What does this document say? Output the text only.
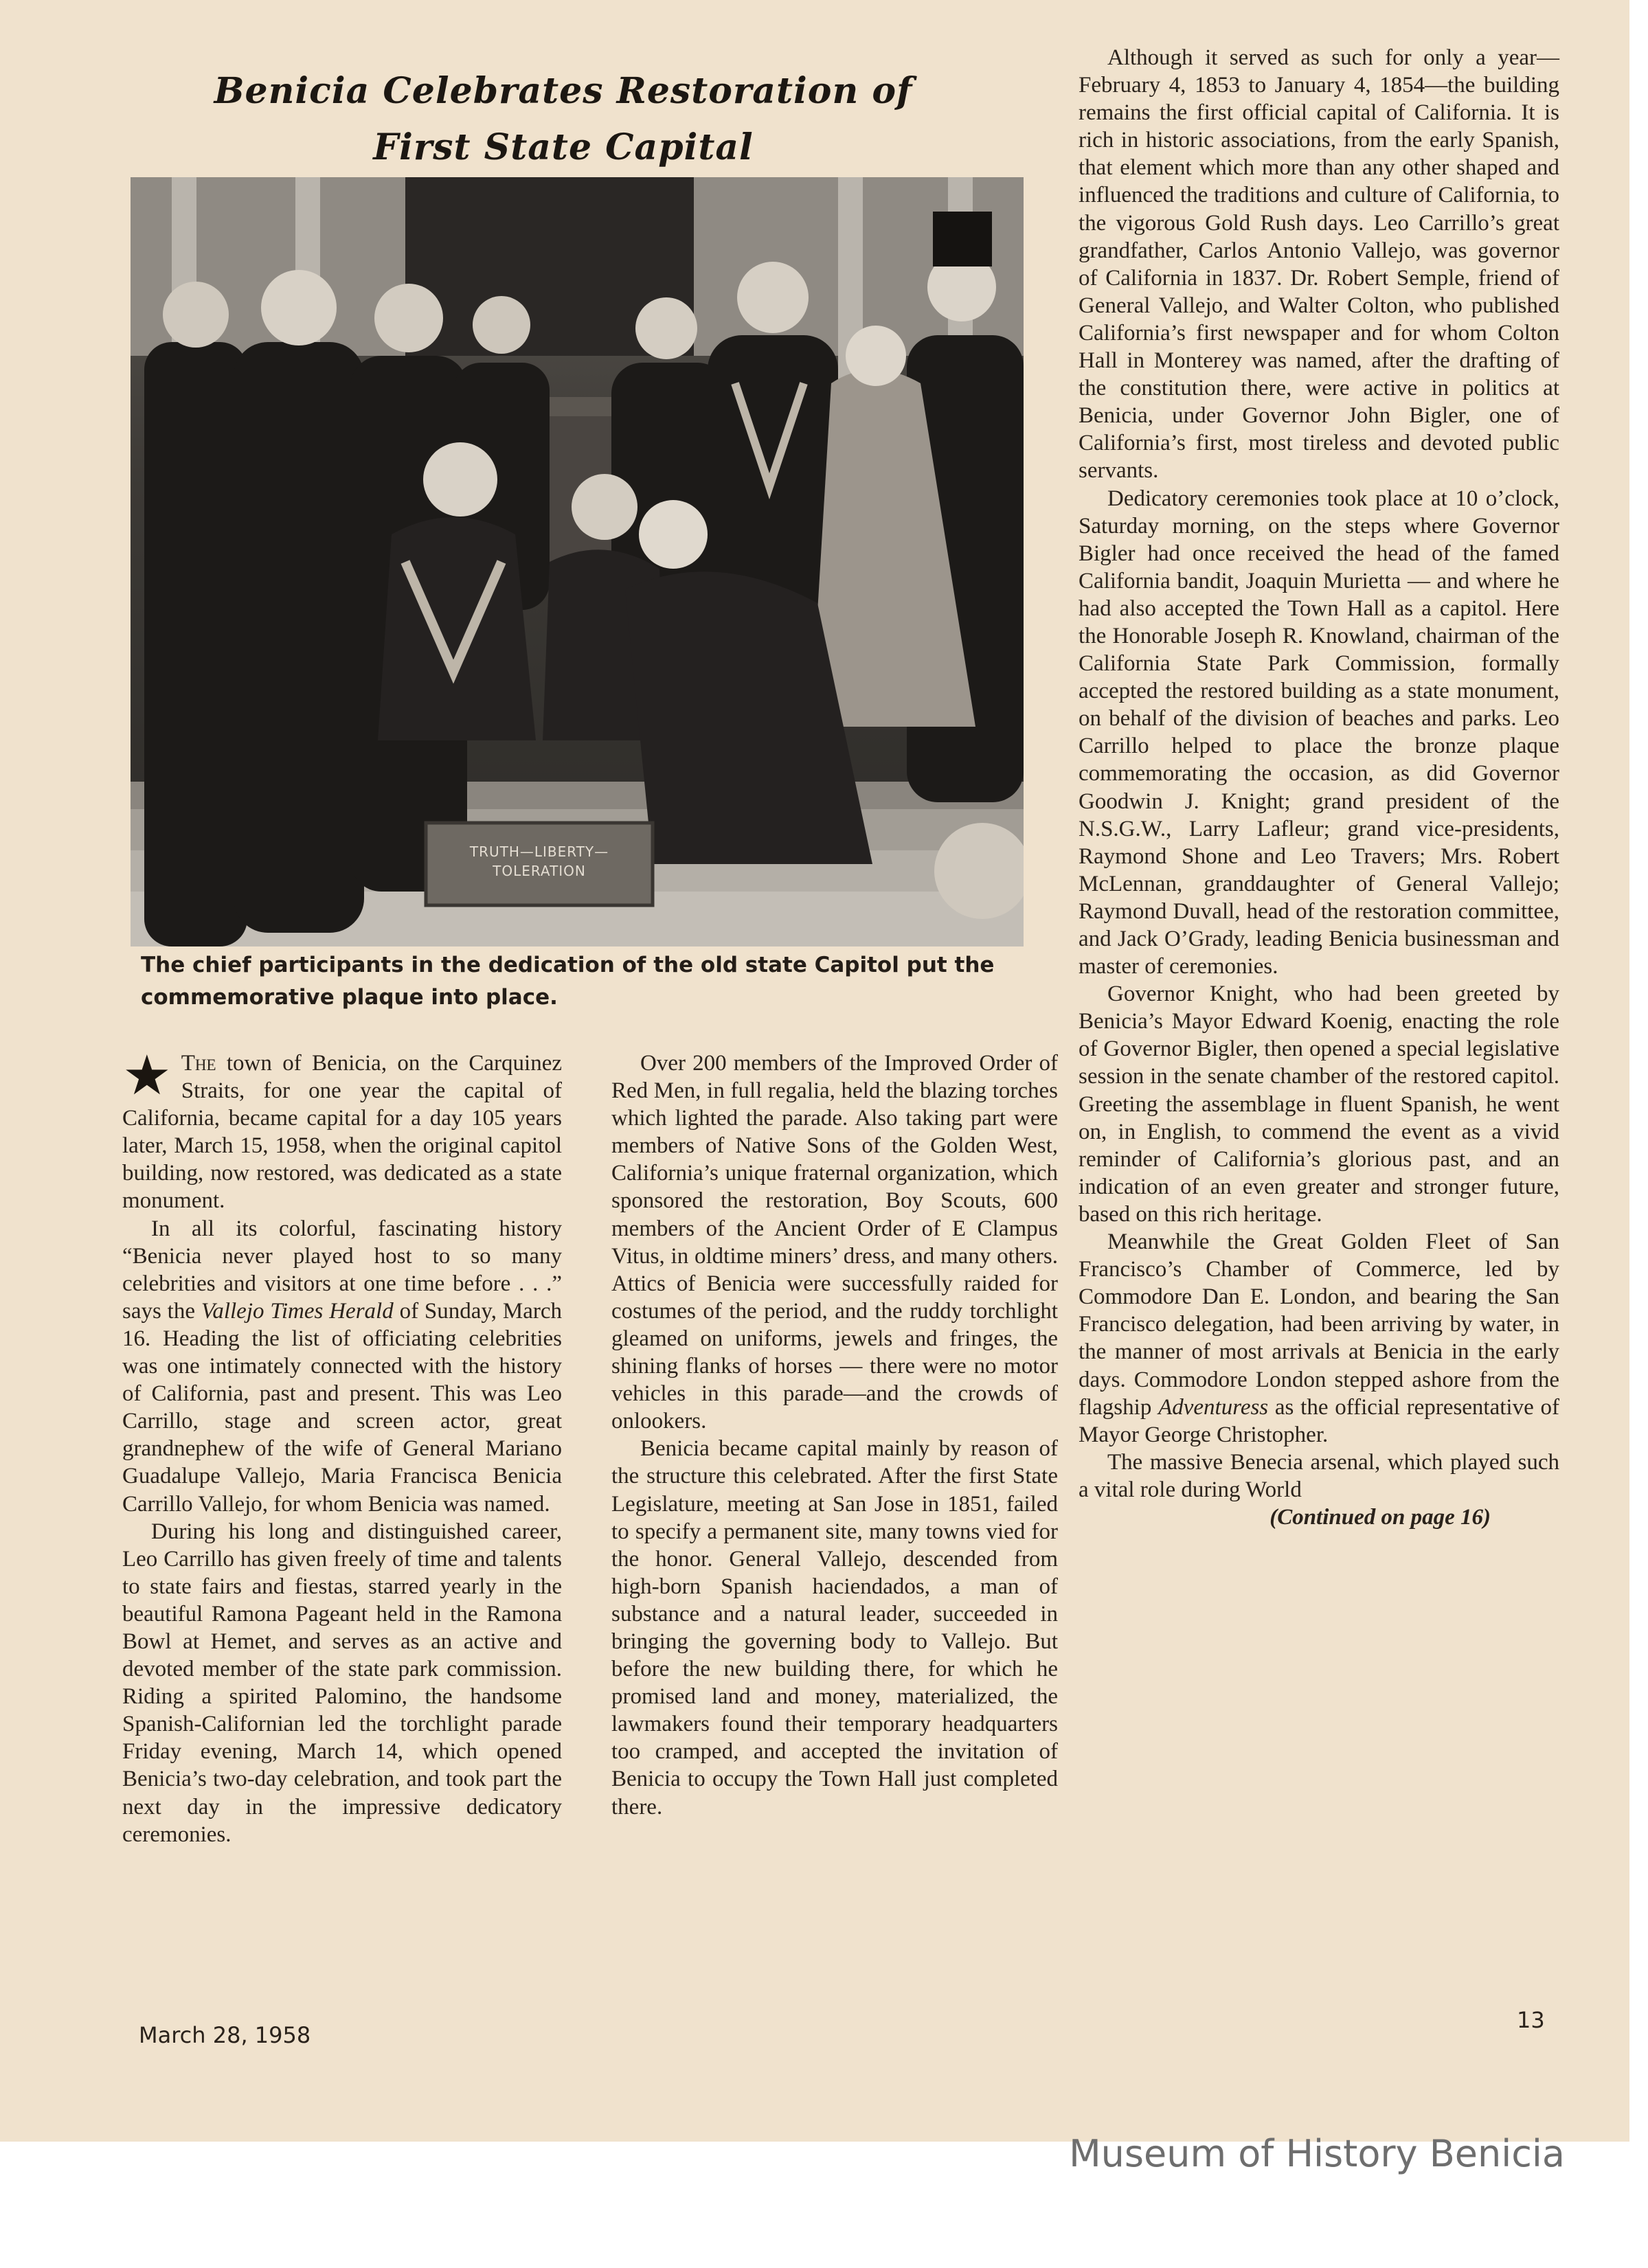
Benicia Celebrates Restoration of
First State Capital
TRUTH—LIBERTY—TOLERATION

The chief participants in the dedication of the old state Capitol put the commemorative plaque into place.

★ The town of Benicia, on the Carquinez Straits, for one year the capital of California, became capital for a day 105 years later, March 15, 1958, when the original capitol building, now restored, was dedicated as a state monument.

In all its colorful, fascinating history “Benicia never played host to so many celebrities and visitors at one time before . . .” says the Vallejo Times Herald of Sunday, March 16. Heading the list of officiating celebrities was one intimately connected with the history of California, past and present. This was Leo Carrillo, stage and screen actor, great grandnephew of the wife of General Mariano Guadalupe Vallejo, Maria Francisca Benicia Carrillo Vallejo, for whom Benicia was named.

During his long and distinguished career, Leo Carrillo has given freely of time and talents to state fairs and fiestas, starred yearly in the beautiful Ramona Pageant held in the Ramona Bowl at Hemet, and serves as an active and devoted member of the state park commission. Riding a spirited Palomino, the handsome Spanish-Californian led the torchlight parade Friday evening, March 14, which opened Benicia’s two-day celebration, and took part the next day in the impressive dedicatory ceremonies.

Over 200 members of the Improved Order of Red Men, in full regalia, held the blazing torches which lighted the parade. Also taking part were members of Native Sons of the Golden West, California’s unique fraternal organization, which sponsored the restoration, Boy Scouts, 600 members of the Ancient Order of E Clampus Vitus, in oldtime miners’ dress, and many others. Attics of Benicia were successfully raided for costumes of the period, and the ruddy torchlight gleamed on uniforms, jewels and fringes, the shining flanks of horses — there were no motor vehicles in this parade—and the crowds of onlookers.

Benicia became capital mainly by reason of the structure this celebrated. After the first State Legislature, meeting at San Jose in 1851, failed to specify a permanent site, many towns vied for the honor. General Vallejo, descended from high-born Spanish haciendados, a man of substance and a natural leader, succeeded in bringing the governing body to Vallejo. But before the new building there, for which he promised land and money, materialized, the lawmakers found their temporary headquarters too cramped, and accepted the invitation of Benicia to occupy the Town Hall just completed there.

Although it served as such for only a year—February 4, 1853 to January 4, 1854—the building remains the first official capital of California. It is rich in historic associations, from the early Spanish, that element which more than any other shaped and influenced the traditions and culture of California, to the vigorous Gold Rush days. Leo Carrillo’s great grandfather, Carlos Antonio Vallejo, was governor of California in 1837. Dr. Robert Semple, friend of General Vallejo, and Walter Colton, who published California’s first newspaper and for whom Colton Hall in Monterey was named, after the drafting of the constitution there, were active in politics at Benicia, under Governor John Bigler, one of California’s first, most tireless and devoted public servants.

Dedicatory ceremonies took place at 10 o’clock, Saturday morning, on the steps where Governor Bigler had once received the head of the famed California bandit, Joaquin Murietta — and where he had also accepted the Town Hall as a capitol. Here the Honorable Joseph R. Knowland, chairman of the California State Park Commission, formally accepted the restored building as a state monument, on behalf of the division of beaches and parks. Leo Carrillo helped to place the bronze plaque commemorating the occasion, as did Governor Goodwin J. Knight; grand president of the N.S.G.W., Larry Lafleur; grand vice-presidents, Raymond Shone and Leo Travers; Mrs. Robert McLennan, granddaughter of General Vallejo; Raymond Duvall, head of the restoration committee, and Jack O’Grady, leading Benicia businessman and master of ceremonies.

Governor Knight, who had been greeted by Benicia’s Mayor Edward Koenig, enacting the role of Governor Bigler, then opened a special legislative session in the senate chamber of the restored capitol. Greeting the assemblage in fluent Spanish, he went on, in English, to commend the event as a vivid reminder of California’s glorious past, and an indication of an even greater and stronger future, based on this rich heritage.

Meanwhile the Great Golden Fleet of San Francisco’s Chamber of Commerce, led by Commodore Dan E. London, and bearing the San Francisco delegation, had been arriving by water, in the manner of most arrivals at Benicia in the early days. Commodore London stepped ashore from the flagship Adventuress as the official representative of Mayor George Christopher.

The massive Benecia arsenal, which played such a vital role during World

(Continued on page 16)

March 28, 1958
13
Museum of History Benicia
